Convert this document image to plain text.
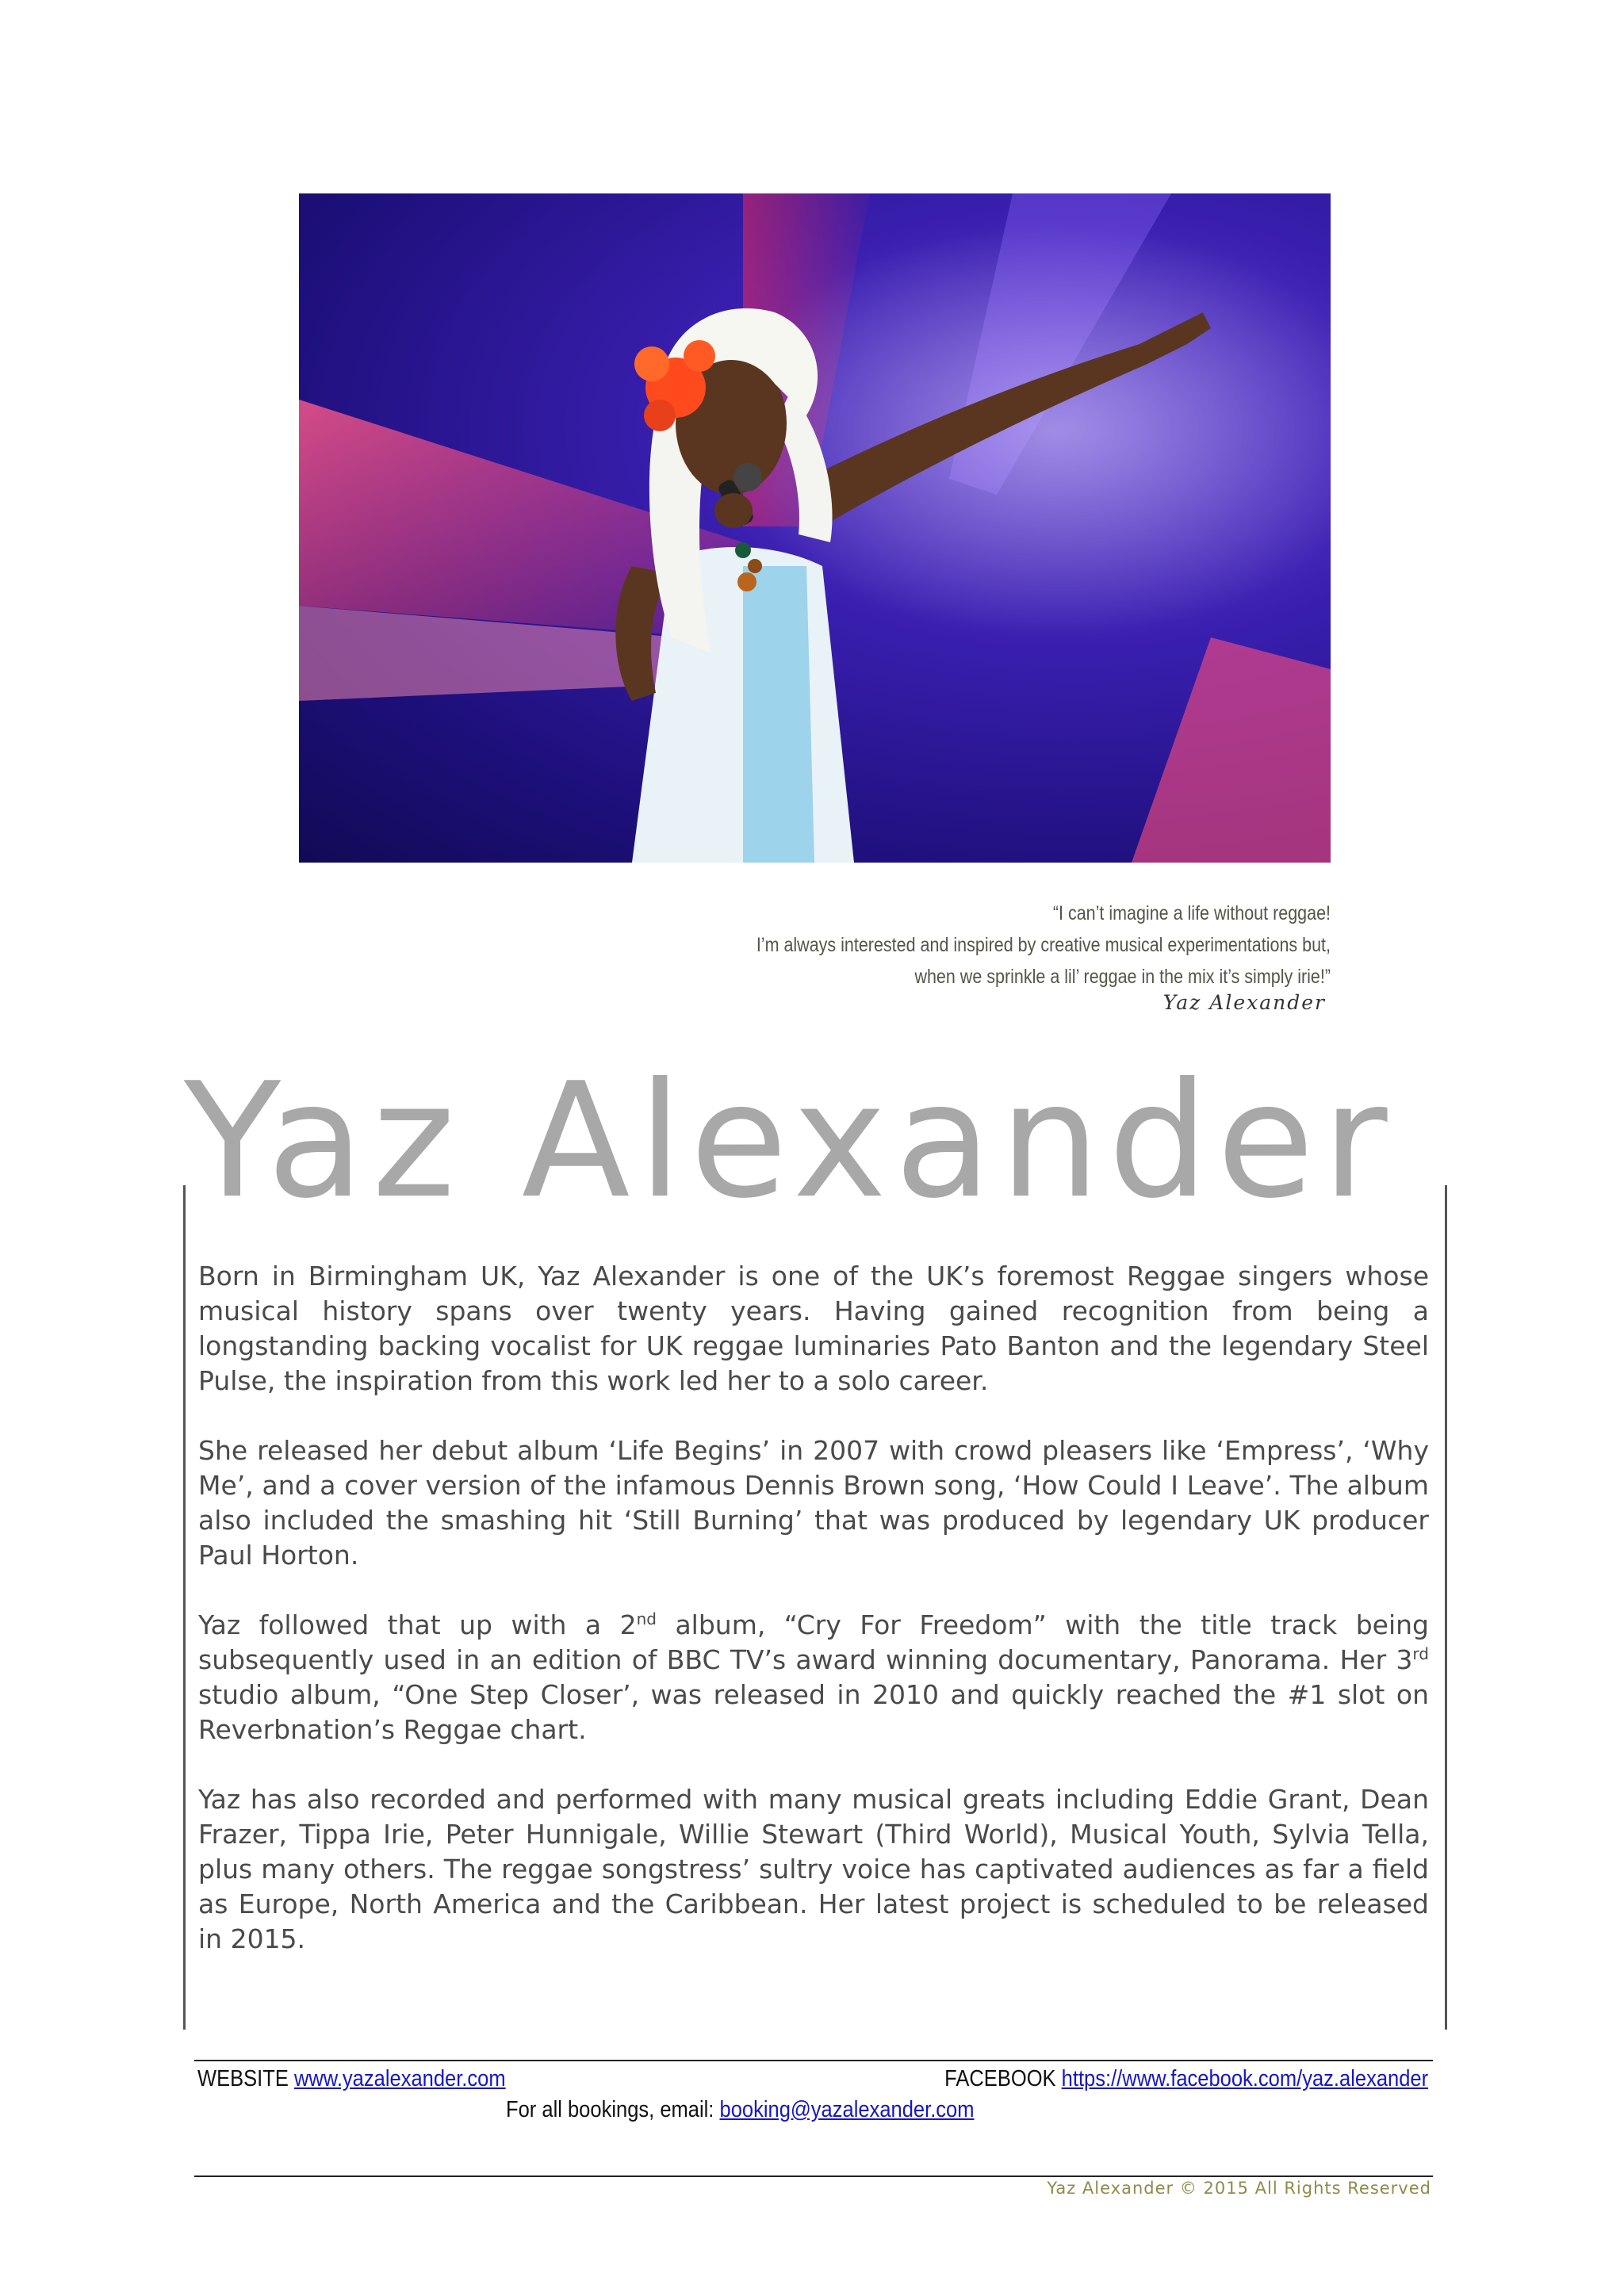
“I can’t imagine a life without reggae!
I’m always interested and inspired by creative musical experimentations but,
when we sprinkle a lil’ reggae in the mix it’s simply irie!”
Yaz Alexander
Yaz Alexander

Born in Birmingham UK, Yaz Alexander is one of the UK’s foremost Reggae singers whose musical history spans over twenty years. Having gained recognition from being a longstanding backing vocalist for UK reggae luminaries Pato Banton and the legendary Steel Pulse, the inspiration from this work led her to a solo career.

She released her debut album ‘Life Begins’ in 2007 with crowd pleasers like ‘Empress’, ‘Why Me’, and a cover version of the infamous Dennis Brown song, ‘How Could I Leave’. The album also included the smashing hit ‘Still Burning’ that was produced by legendary UK producer Paul Horton.

Yaz followed that up with a 2nd album, “Cry For Freedom” with the title track being subsequently used in an edition of BBC TV’s award winning documentary, Panorama. Her 3rd studio album, “One Step Closer’, was released in 2010 and quickly reached the #1 slot on Reverbnation’s Reggae chart.

Yaz has also recorded and performed with many musical greats including Eddie Grant, Dean Frazer, Tippa Irie, Peter Hunnigale, Willie Stewart (Third World), Musical Youth, Sylvia Tella, plus many others. The reggae songstress’ sultry voice has captivated audiences as far a field as Europe, North America and the Caribbean. Her latest project is scheduled to be released in 2015.

WEBSITE www.yazalexander.com	FACEBOOK https://www.facebook.com/yaz.alexander
For all bookings, email: booking@yazalexander.com
Yaz Alexander © 2015 All Rights Reserved
